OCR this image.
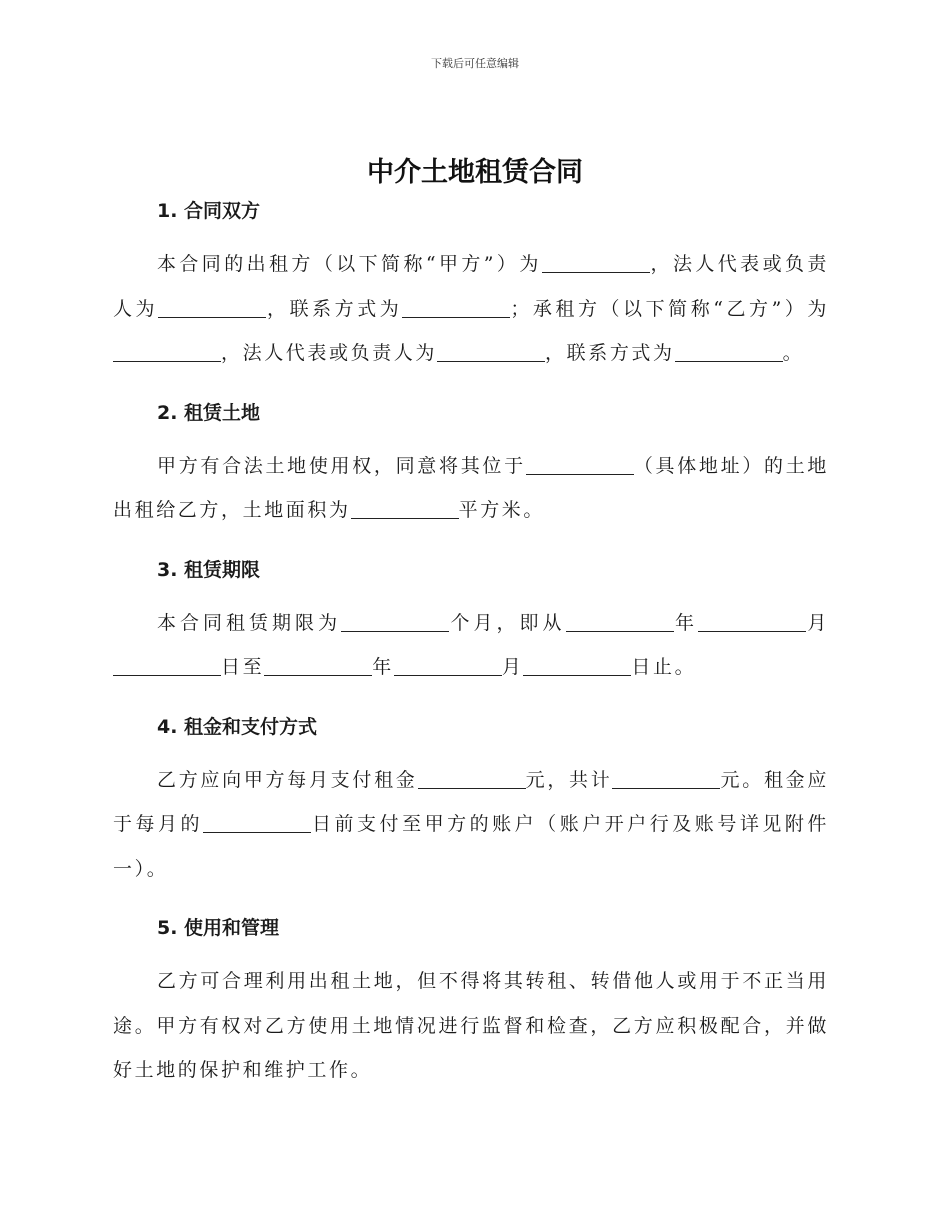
下载后可任意编辑
中介土地租赁合同
1. 合同双方

本合同的出租方（以下简称“甲方”）为	，法人代表或负责人为	，联系方式为	；承租方（以下简称“乙方”）为，法人代表或负责人为	，联系方式为	。

2. 租赁土地

甲方有合法土地使用权，同意将其位于	（具体地址）的土地出租给乙方，土地面积为	平方米。

3. 租赁期限

本合同租赁期限为	个月，即从	年	月日至	年	月	日止。

4. 租金和支付方式

乙方应向甲方每月支付租金	元，共计	元。租金应于每月的	日前支付至甲方的账户（账户开户行及账号详见附件一）。

5. 使用和管理

乙方可合理利用出租土地，但不得将其转租、转借他人或用于不正当用途。甲方有权对乙方使用土地情况进行监督和检查，乙方应积极配合，并做好土地的保护和维护工作。
